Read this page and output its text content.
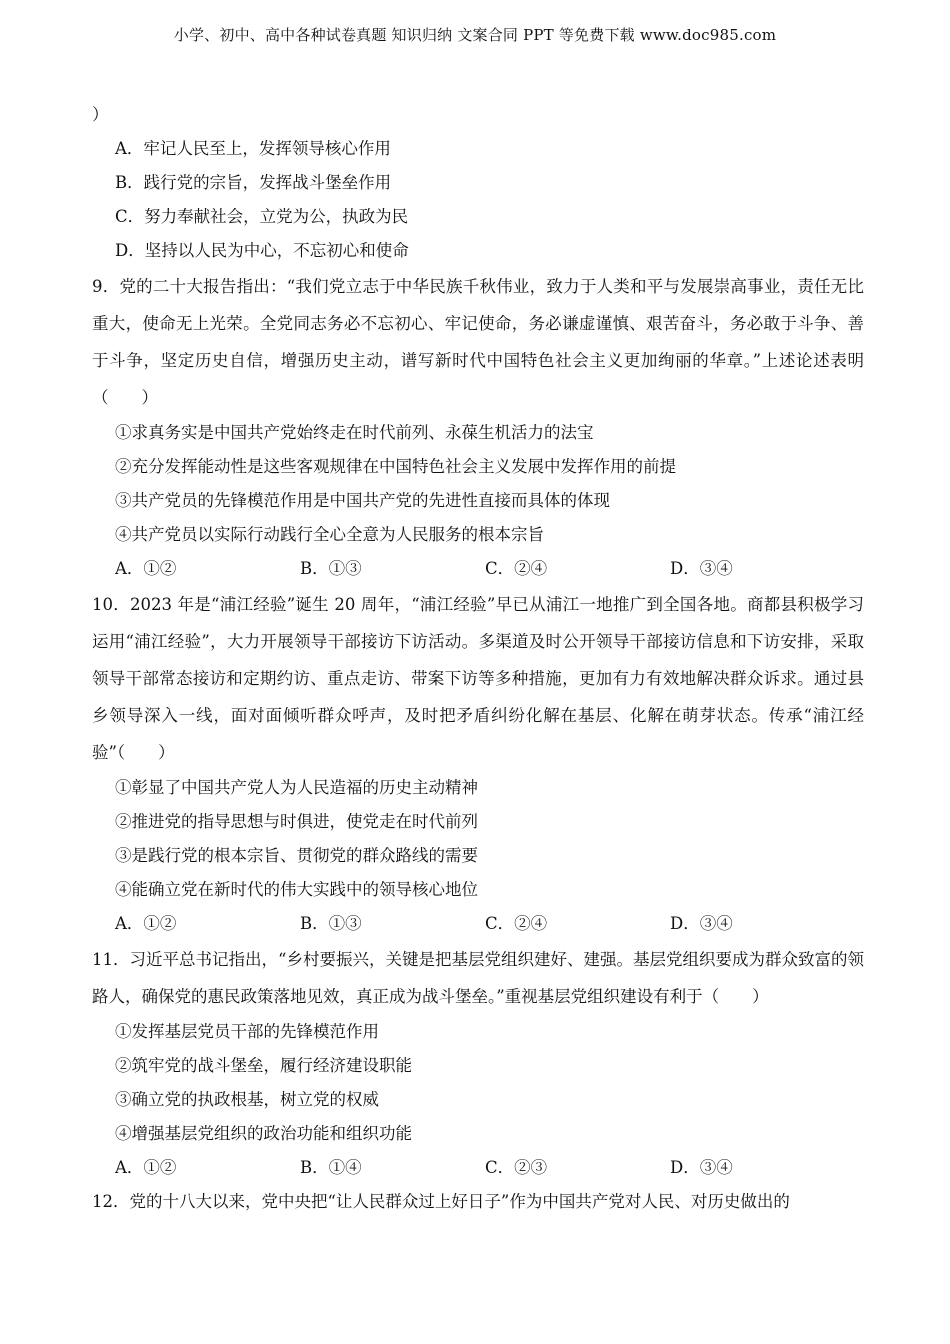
小学、初中、高中各种试卷真题 知识归纳 文案合同 PPT 等免费下载 www.doc985.com
）
A．牢记人民至上，发挥领导核心作用
B．践行党的宗旨，发挥战斗堡垒作用
C．努力奉献社会，立党为公，执政为民
D．坚持以人民为中心，不忘初心和使命
9．党的二十大报告指出：“我们党立志于中华民族千秋伟业，致力于人类和平与发展崇高事业，责任无比重大，使命无上光荣。全党同志务必不忘初心、牢记使命，务必谦虚谨慎、艰苦奋斗，务必敢于斗争、善于斗争，坚定历史自信，增强历史主动，谱写新时代中国特色社会主义更加绚丽的华章。”上述论述表明（　　）
①求真务实是中国共产党始终走在时代前列、永葆生机活力的法宝
②充分发挥能动性是这些客观规律在中国特色社会主义发展中发挥作用的前提
③共产党员的先锋模范作用是中国共产党的先进性直接而具体的体现
④共产党员以实际行动践行全心全意为人民服务的根本宗旨
A．①②	B．①③	C．②④	D．③④
10．2023 年是“浦江经验”诞生 20 周年，“浦江经验”早已从浦江一地推广到全国各地。商都县积极学习运用“浦江经验”，大力开展领导干部接访下访活动。多渠道及时公开领导干部接访信息和下访安排，采取领导干部常态接访和定期约访、重点走访、带案下访等多种措施，更加有力有效地解决群众诉求。通过县乡领导深入一线，面对面倾听群众呼声，及时把矛盾纠纷化解在基层、化解在萌芽状态。传承“浦江经验”（　　）
①彰显了中国共产党人为人民造福的历史主动精神
②推进党的指导思想与时俱进，使党走在时代前列
③是践行党的根本宗旨、贯彻党的群众路线的需要
④能确立党在新时代的伟大实践中的领导核心地位
A．①②	B．①③	C．②④	D．③④
11．习近平总书记指出，“乡村要振兴，关键是把基层党组织建好、建强。基层党组织要成为群众致富的领路人，确保党的惠民政策落地见效，真正成为战斗堡垒。”重视基层党组织建设有利于（　　）
①发挥基层党员干部的先锋模范作用
②筑牢党的战斗堡垒，履行经济建设职能
③确立党的执政根基，树立党的权威
④增强基层党组织的政治功能和组织功能
A．①②	B．①④	C．②③	D．③④
12．党的十八大以来，党中央把“让人民群众过上好日子”作为中国共产党对人民、对历史做出的
